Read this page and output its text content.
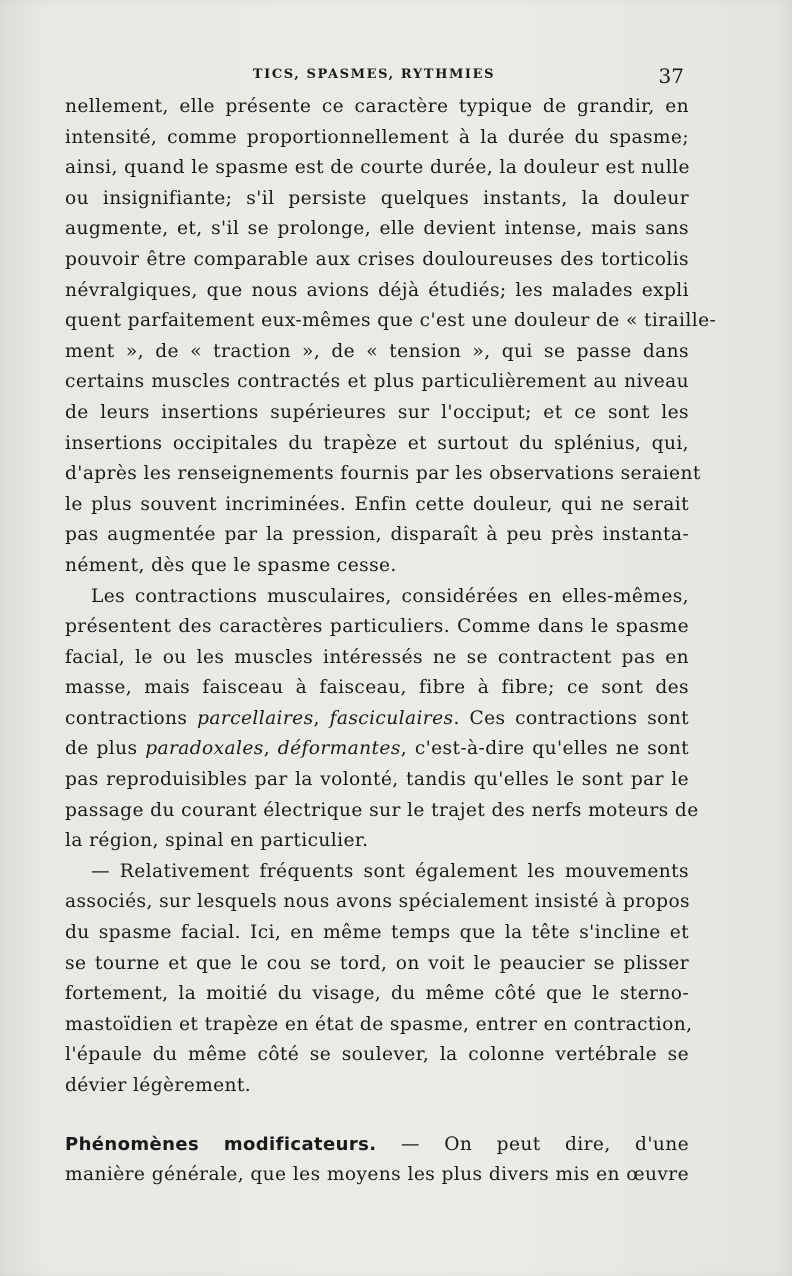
TICS, SPASMES, RYTHMIES	37
nellement, elle présente ce caractère typique de grandir, en
intensité, comme proportionnellement à la durée du spasme;
ainsi, quand le spasme est de courte durée, la douleur est nulle
ou insignifiante; s'il persiste quelques instants, la douleur
augmente, et, s'il se prolonge, elle devient intense, mais sans
pouvoir être comparable aux crises douloureuses des torticolis
névralgiques, que nous avions déjà étudiés; les malades expli
quent parfaitement eux-mêmes que c'est une douleur de « tiraille-
ment », de « traction », de « tension », qui se passe dans
certains muscles contractés et plus particulièrement au niveau
de leurs insertions supérieures sur l'occiput; et ce sont les
insertions occipitales du trapèze et surtout du splénius, qui,
d'après les renseignements fournis par les observations seraient
le plus souvent incriminées. Enfin cette douleur, qui ne serait
pas augmentée par la pression, disparaît à peu près instanta-
nément, dès que le spasme cesse.
Les contractions musculaires, considérées en elles-mêmes,
présentent des caractères particuliers. Comme dans le spasme
facial, le ou les muscles intéressés ne se contractent pas en
masse, mais faisceau à faisceau, fibre à fibre; ce sont des
contractions parcellaires, fasciculaires. Ces contractions sont
de plus paradoxales, déformantes, c'est-à-dire qu'elles ne sont
pas reproduisibles par la volonté, tandis qu'elles le sont par le
passage du courant électrique sur le trajet des nerfs moteurs de
la région, spinal en particulier.
— Relativement fréquents sont également les mouvements
associés, sur lesquels nous avons spécialement insisté à propos
du spasme facial. Ici, en même temps que la tête s'incline et
se tourne et que le cou se tord, on voit le peaucier se plisser
fortement, la moitié du visage, du même côté que le sterno-
mastoïdien et trapèze en état de spasme, entrer en contraction,
l'épaule du même côté se soulever, la colonne vertébrale se
dévier légèrement.
Phénomènes modificateurs. — On peut dire, d'une
manière générale, que les moyens les plus divers mis en œuvre
